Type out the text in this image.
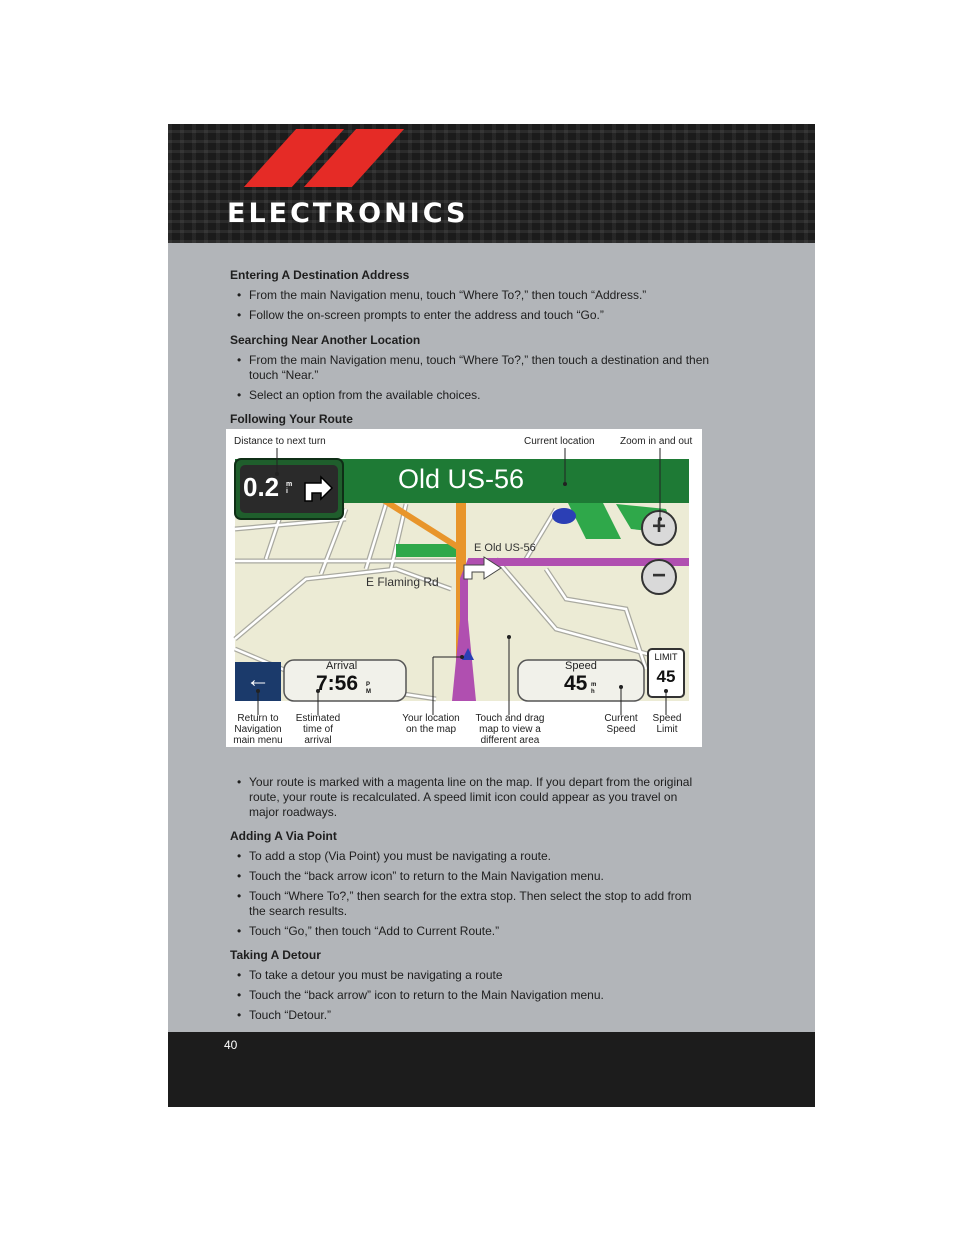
ELECTRONICS
40
Entering A Destination Address
• From the main Navigation menu, touch “Where To?,” then touch “Address.”
• Follow the on-screen prompts to enter the address and touch “Go.”
Searching Near Another Location
• From the main Navigation menu, touch “Where To?,” then touch a destination and then touch “Near.”
• Select an option from the available choices.
Following Your Route
• Your route is marked with a magenta line on the map. If you depart from the original route, your route is recalculated. A speed limit icon could appear as you travel on major roadways.
Adding A Via Point
• To add a stop (Via Point) you must be navigating a route.
• Touch the “back arrow icon” to return to the Main Navigation menu.
• Touch “Where To?,” then search for the extra stop. Then select the stop to add from the search results.
• Touch “Go,” then touch “Add to Current Route.”
Taking A Detour
• To take a detour you must be navigating a route
• Touch the “back arrow” icon to return to the Main Navigation menu.
• Touch “Detour.”
0.2 m
i	Old US-56
E Old US-56
E Flaming Rd
+
−
←	Arrival
7:56 P
M
Speed
45 m
h
LIMIT
45
Distance to next turn	Current location	Zoom in and out
Return to Navigation main menu
Estimated time of arrival
Your location on the map
Touch and drag map to view a different area
Current Speed
Speed Limit
